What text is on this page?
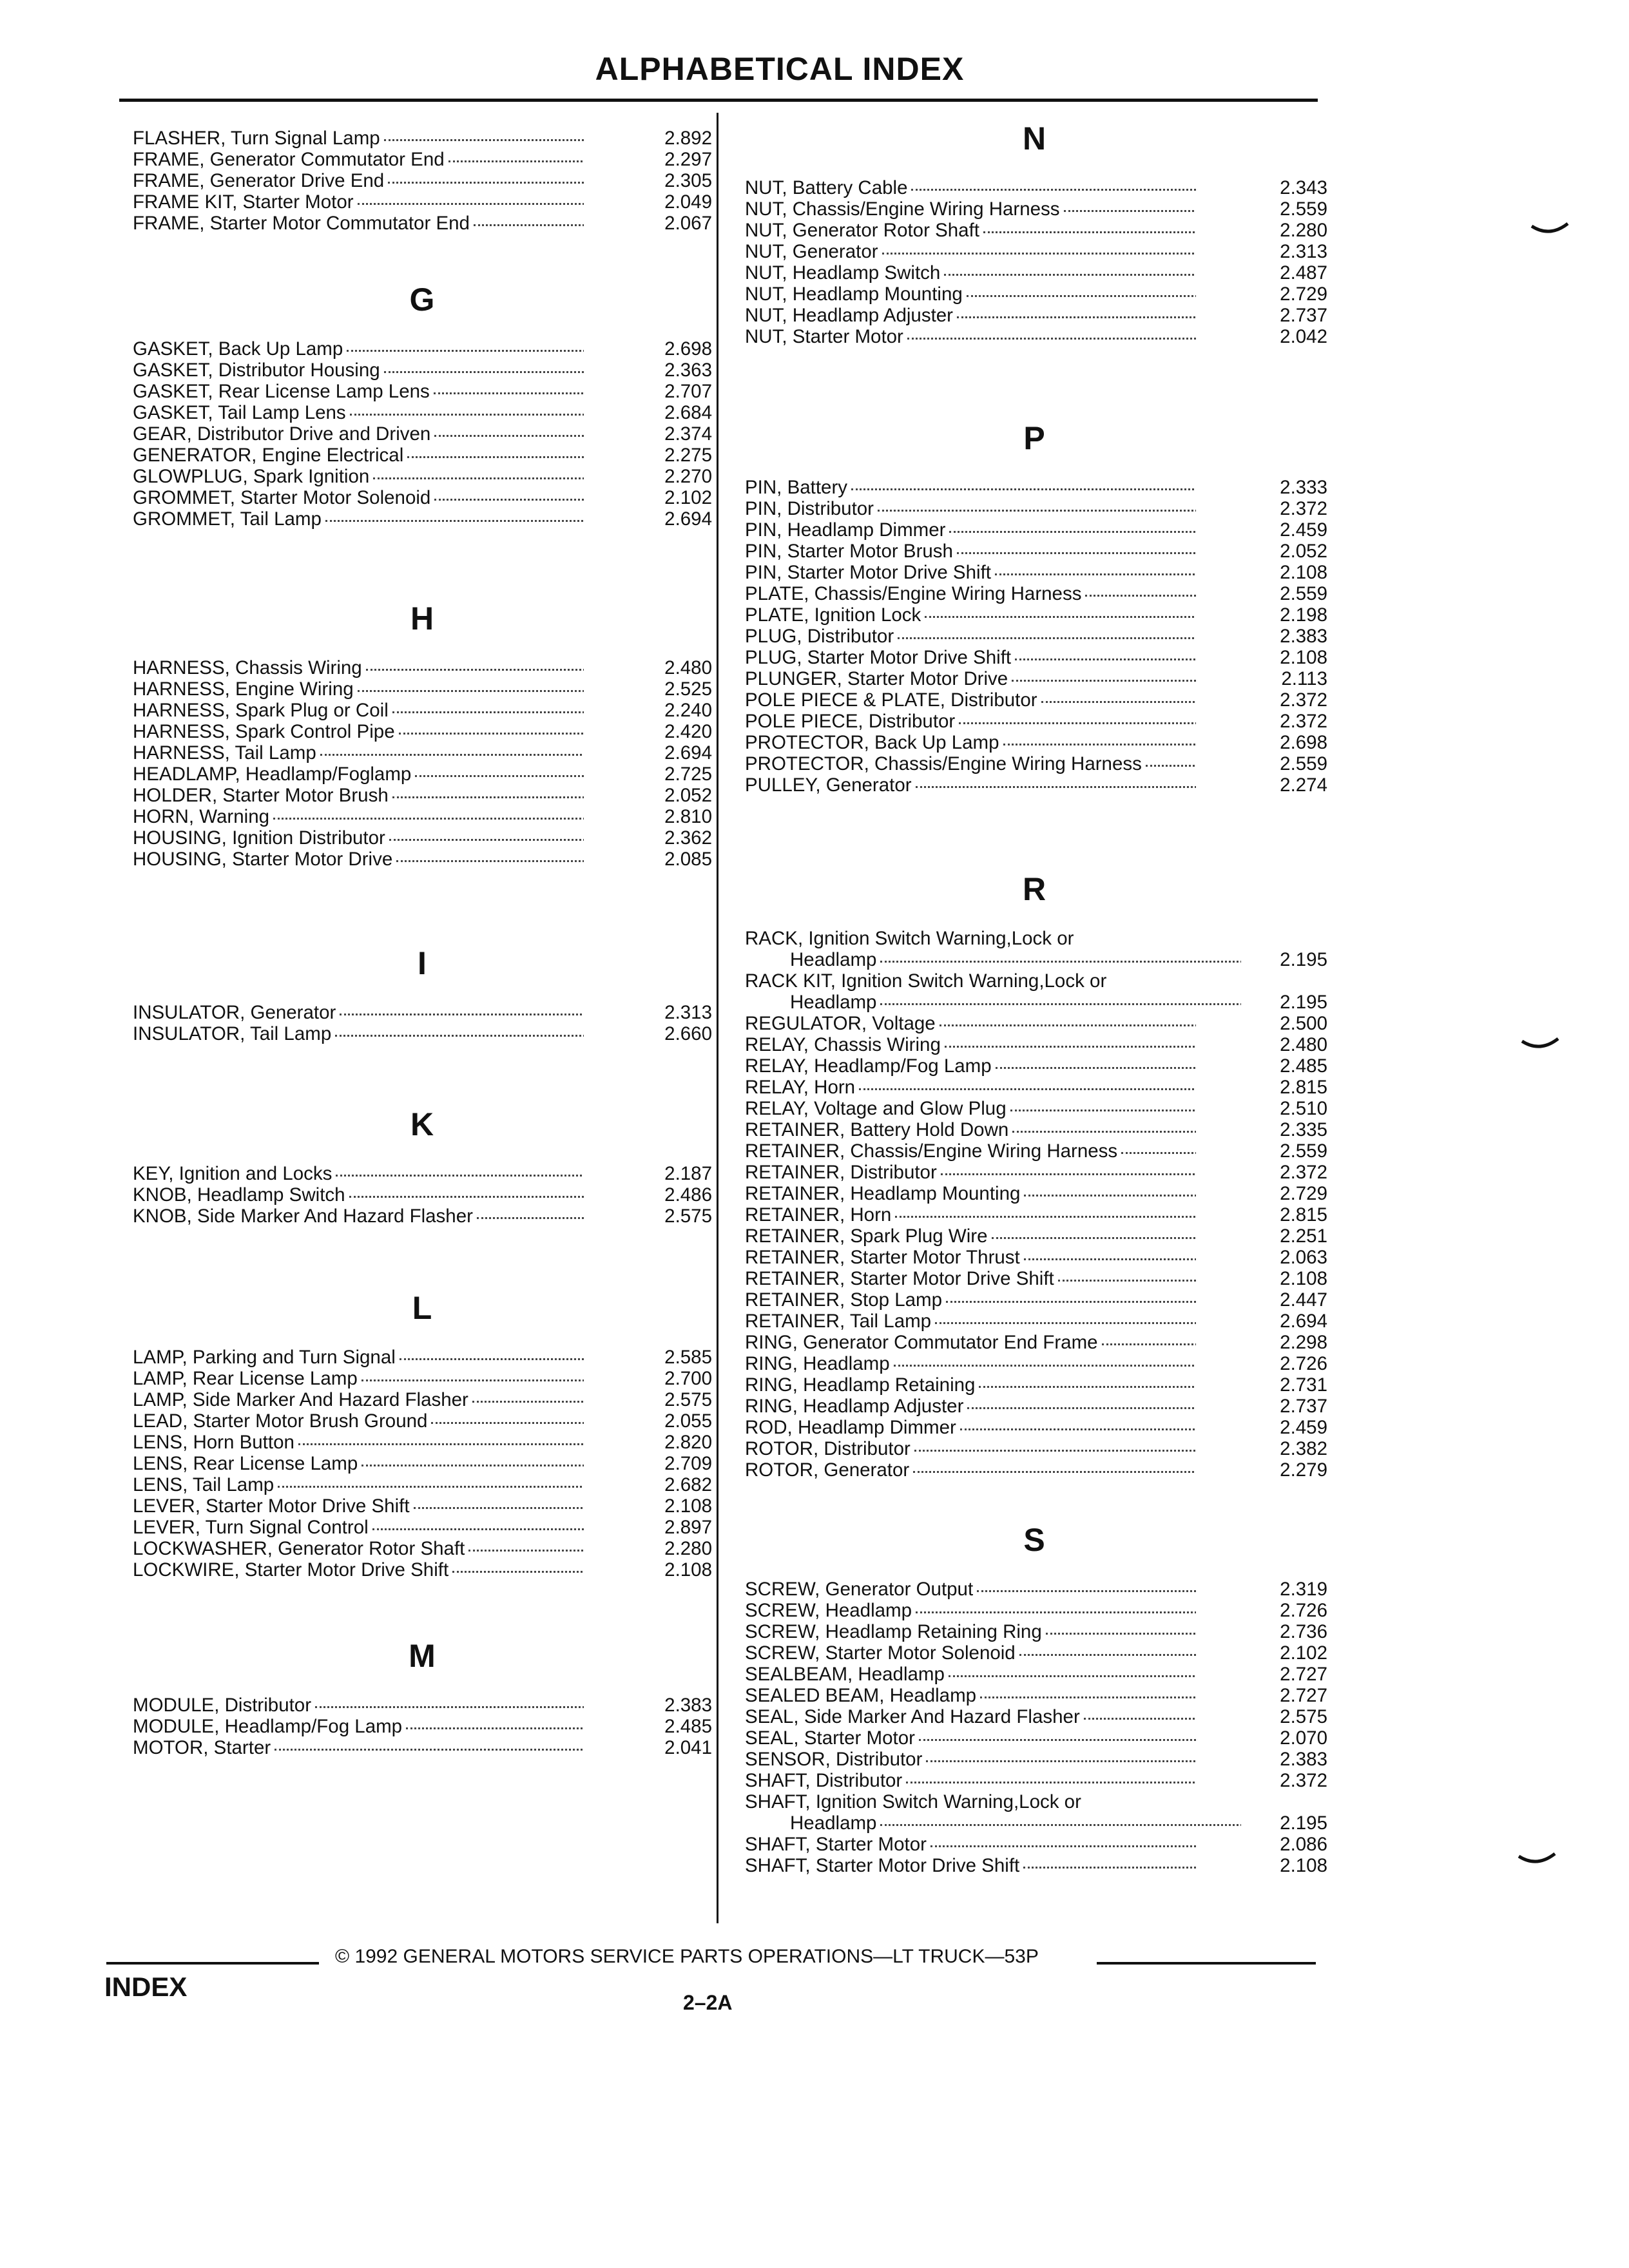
ALPHABETICAL INDEX
FLASHER, Turn Signal Lamp	2.892
FRAME, Generator Commutator End	2.297
FRAME, Generator Drive End	2.305
FRAME KIT, Starter Motor	2.049
FRAME, Starter Motor Commutator End	2.067
G
GASKET, Back Up Lamp	2.698
GASKET, Distributor Housing	2.363
GASKET, Rear License Lamp Lens	2.707
GASKET, Tail Lamp Lens	2.684
GEAR, Distributor Drive and Driven	2.374
GENERATOR, Engine Electrical	2.275
GLOWPLUG, Spark Ignition	2.270
GROMMET, Starter Motor Solenoid	2.102
GROMMET, Tail Lamp	2.694
H
HARNESS, Chassis Wiring	2.480
HARNESS, Engine Wiring	2.525
HARNESS, Spark Plug or Coil	2.240
HARNESS, Spark Control Pipe	2.420
HARNESS, Tail Lamp	2.694
HEADLAMP, Headlamp/Foglamp	2.725
HOLDER, Starter Motor Brush	2.052
HORN, Warning	2.810
HOUSING, Ignition Distributor	2.362
HOUSING, Starter Motor Drive	2.085
I
INSULATOR, Generator	2.313
INSULATOR, Tail Lamp	2.660
K
KEY, Ignition and Locks	2.187
KNOB, Headlamp Switch	2.486
KNOB, Side Marker And Hazard Flasher	2.575
L
LAMP, Parking and Turn Signal	2.585
LAMP, Rear License Lamp	2.700
LAMP, Side Marker And Hazard Flasher	2.575
LEAD, Starter Motor Brush Ground	2.055
LENS, Horn Button	2.820
LENS, Rear License Lamp	2.709
LENS, Tail Lamp	2.682
LEVER, Starter Motor Drive Shift	2.108
LEVER, Turn Signal Control	2.897
LOCKWASHER, Generator Rotor Shaft	2.280
LOCKWIRE, Starter Motor Drive Shift	2.108
M
MODULE, Distributor	2.383
MODULE, Headlamp/Fog Lamp	2.485
MOTOR, Starter	2.041
N
NUT, Battery Cable	2.343
NUT, Chassis/Engine Wiring Harness	2.559
NUT, Generator Rotor Shaft	2.280
NUT, Generator	2.313
NUT, Headlamp Switch	2.487
NUT, Headlamp Mounting	2.729
NUT, Headlamp Adjuster	2.737
NUT, Starter Motor	2.042
P
PIN, Battery	2.333
PIN, Distributor	2.372
PIN, Headlamp Dimmer	2.459
PIN, Starter Motor Brush	2.052
PIN, Starter Motor Drive Shift	2.108
PLATE, Chassis/Engine Wiring Harness	2.559
PLATE, Ignition Lock	2.198
PLUG, Distributor	2.383
PLUG, Starter Motor Drive Shift	2.108
PLUNGER, Starter Motor Drive	2.113
POLE PIECE & PLATE, Distributor	2.372
POLE PIECE, Distributor	2.372
PROTECTOR, Back Up Lamp	2.698
PROTECTOR, Chassis/Engine Wiring Harness	2.559
PULLEY, Generator	2.274
R
RACK, Ignition Switch Warning,Lock or
Headlamp	2.195
RACK KIT, Ignition Switch Warning,Lock or
Headlamp	2.195
REGULATOR, Voltage	2.500
RELAY, Chassis Wiring	2.480
RELAY, Headlamp/Fog Lamp	2.485
RELAY, Horn	2.815
RELAY, Voltage and Glow Plug	2.510
RETAINER, Battery Hold Down	2.335
RETAINER, Chassis/Engine Wiring Harness	2.559
RETAINER, Distributor	2.372
RETAINER, Headlamp Mounting	2.729
RETAINER, Horn	2.815
RETAINER, Spark Plug Wire	2.251
RETAINER, Starter Motor Thrust	2.063
RETAINER, Starter Motor Drive Shift	2.108
RETAINER, Stop Lamp	2.447
RETAINER, Tail Lamp	2.694
RING, Generator Commutator End Frame	2.298
RING, Headlamp	2.726
RING, Headlamp Retaining	2.731
RING, Headlamp Adjuster	2.737
ROD, Headlamp Dimmer	2.459
ROTOR, Distributor	2.382
ROTOR, Generator	2.279
S
SCREW, Generator Output	2.319
SCREW, Headlamp	2.726
SCREW, Headlamp Retaining Ring	2.736
SCREW, Starter Motor Solenoid	2.102
SEALBEAM, Headlamp	2.727
SEALED BEAM, Headlamp	2.727
SEAL, Side Marker And Hazard Flasher	2.575
SEAL, Starter Motor	2.070
SENSOR, Distributor	2.383
SHAFT, Distributor	2.372
SHAFT, Ignition Switch Warning,Lock or
Headlamp	2.195
SHAFT, Starter Motor	2.086
SHAFT, Starter Motor Drive Shift	2.108
© 1992 GENERAL MOTORS SERVICE PARTS OPERATIONS—LT TRUCK—53P
INDEX
2–2A
